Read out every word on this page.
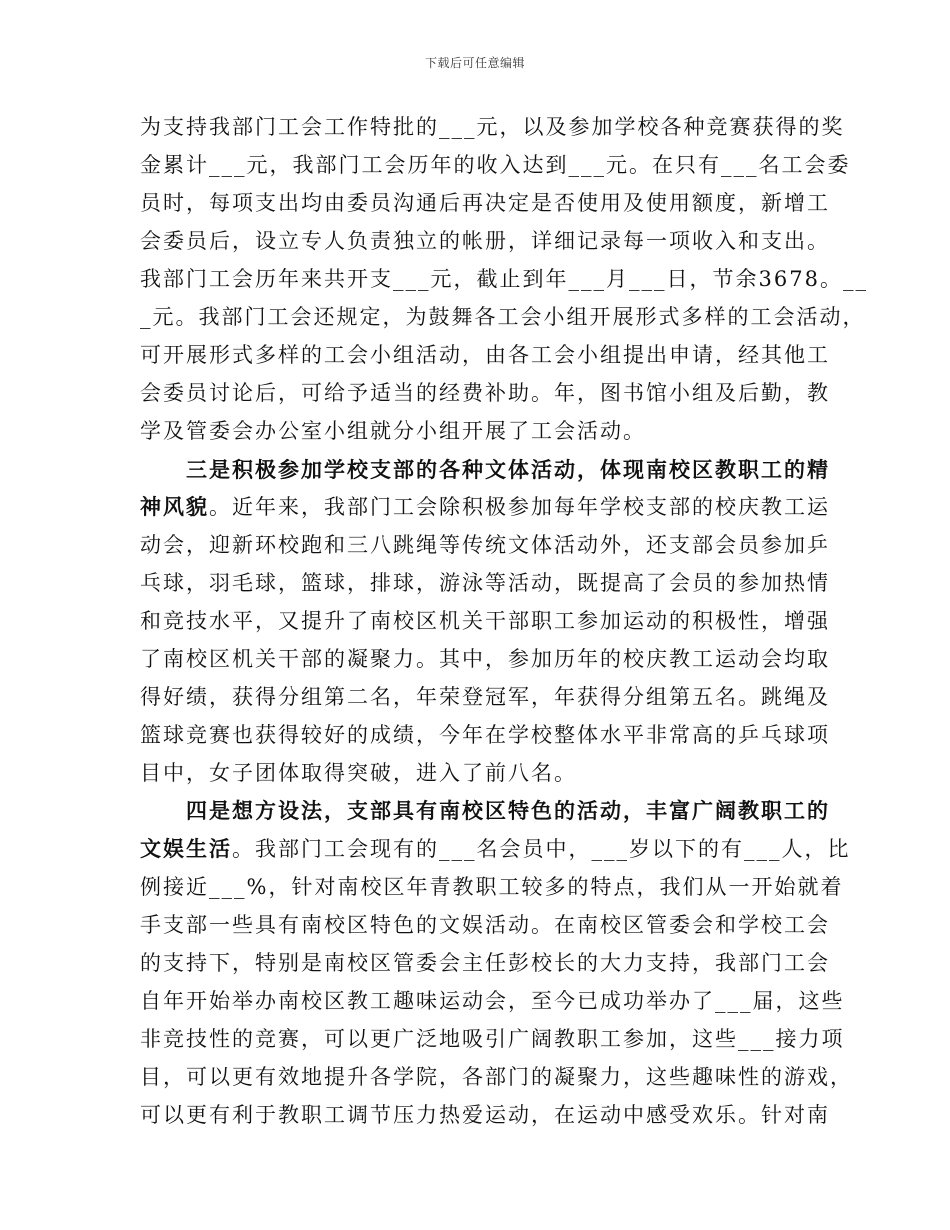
下载后可任意编辑
为支持我部门工会工作特批的___元，以及参加学校各种竞赛获得的奖
金累计___元，我部门工会历年的收入达到___元。在只有___名工会委
员时，每项支出均由委员沟通后再决定是否使用及使用额度，新增工
会委员后，设立专人负责独立的帐册，详细记录每一项收入和支出。
我部门工会历年来共开支___元，截止到年___月___日，节余3678。__
_元。我部门工会还规定，为鼓舞各工会小组开展形式多样的工会活动，
可开展形式多样的工会小组活动，由各工会小组提出申请，经其他工
会委员讨论后，可给予适当的经费补助。年，图书馆小组及后勤，教
学及管委会办公室小组就分小组开展了工会活动。
三是积极参加学校支部的各种文体活动，体现南校区教职工的精
神风貌。近年来，我部门工会除积极参加每年学校支部的校庆教工运
动会，迎新环校跑和三八跳绳等传统文体活动外，还支部会员参加乒
乓球，羽毛球，篮球，排球，游泳等活动，既提高了会员的参加热情
和竞技水平，又提升了南校区机关干部职工参加运动的积极性，增强
了南校区机关干部的凝聚力。其中，参加历年的校庆教工运动会均取
得好绩，获得分组第二名，年荣登冠军，年获得分组第五名。跳绳及
篮球竞赛也获得较好的成绩，今年在学校整体水平非常高的乒乓球项
目中，女子团体取得突破，进入了前八名。
四是想方设法，支部具有南校区特色的活动，丰富广阔教职工的
文娱生活。我部门工会现有的___名会员中，___岁以下的有___人，比
例接近___%，针对南校区年青教职工较多的特点，我们从一开始就着
手支部一些具有南校区特色的文娱活动。在南校区管委会和学校工会
的支持下，特别是南校区管委会主任彭校长的大力支持，我部门工会
自年开始举办南校区教工趣味运动会，至今已成功举办了___届，这些
非竞技性的竞赛，可以更广泛地吸引广阔教职工参加，这些___接力项
目，可以更有效地提升各学院，各部门的凝聚力，这些趣味性的游戏，
可以更有利于教职工调节压力热爱运动，在运动中感受欢乐。针对南
